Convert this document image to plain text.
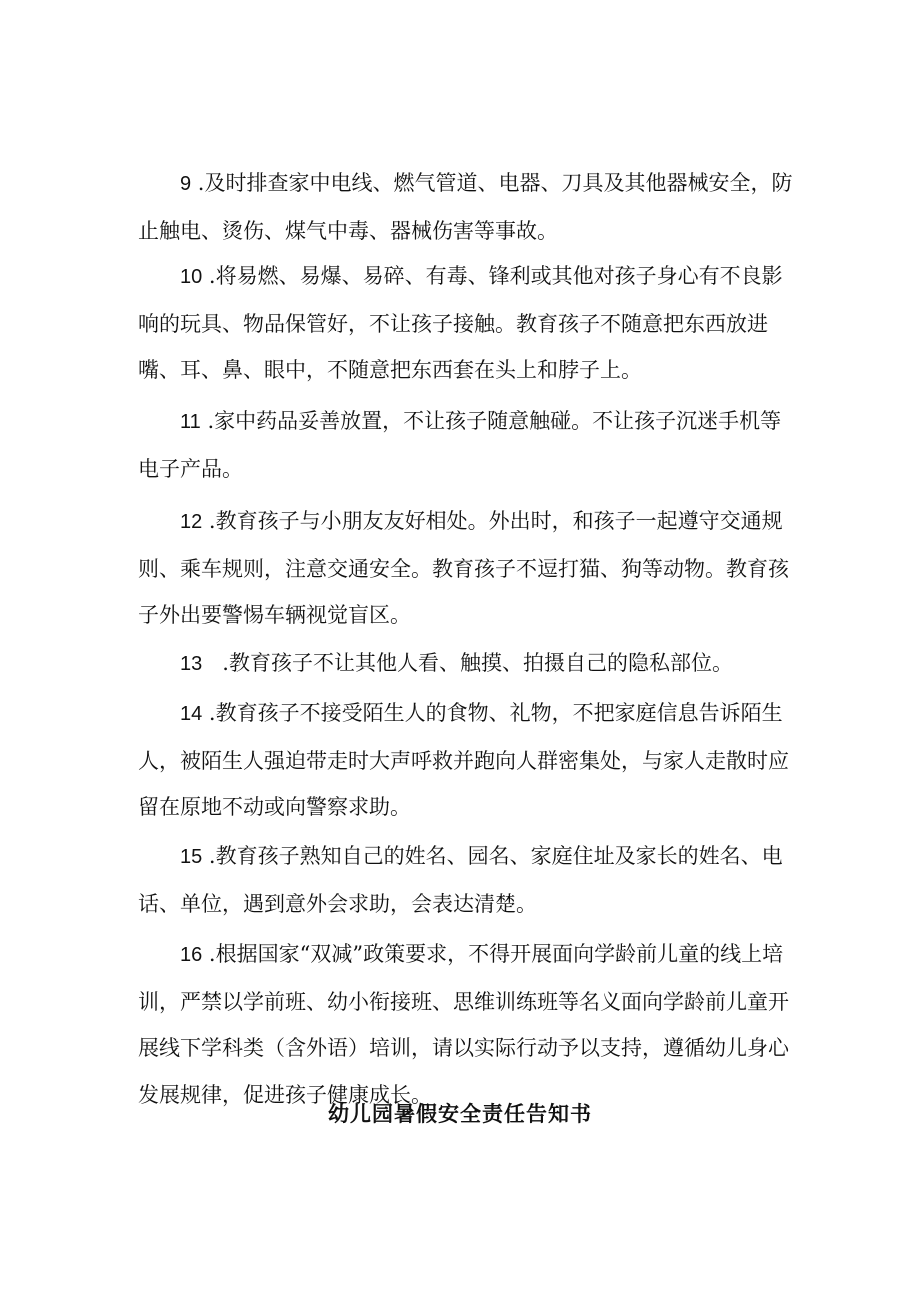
9 .及时排查家中电线、燃气管道、电器、刀具及其他器械安全，防止触电、烫伤、煤气中毒、器械伤害等事故。

10 .将易燃、易爆、易碎、有毒、锋利或其他对孩子身心有不良影响的玩具、物品保管好，不让孩子接触。教育孩子不随意把东西放进嘴、耳、鼻、眼中，不随意把东西套在头上和脖子上。

11 .家中药品妥善放置，不让孩子随意触碰。不让孩子沉迷手机等电子产品。

12 .教育孩子与小朋友友好相处。外出时，和孩子一起遵守交通规则、乘车规则，注意交通安全。教育孩子不逗打猫、狗等动物。教育孩子外出要警惕车辆视觉盲区。

13   .教育孩子不让其他人看、触摸、拍摄自己的隐私部位。

14 .教育孩子不接受陌生人的食物、礼物，不把家庭信息告诉陌生人，被陌生人强迫带走时大声呼救并跑向人群密集处，与家人走散时应留在原地不动或向警察求助。

15 .教育孩子熟知自己的姓名、园名、家庭住址及家长的姓名、电话、单位，遇到意外会求助，会表达清楚。

16 .根据国家“双减”政策要求，不得开展面向学龄前儿童的线上培训，严禁以学前班、幼小衔接班、思维训练班等名义面向学龄前儿童开展线下学科类（含外语）培训，请以实际行动予以支持，遵循幼儿身心发展规律，促进孩子健康成长。

幼儿园暑假安全责任告知书
